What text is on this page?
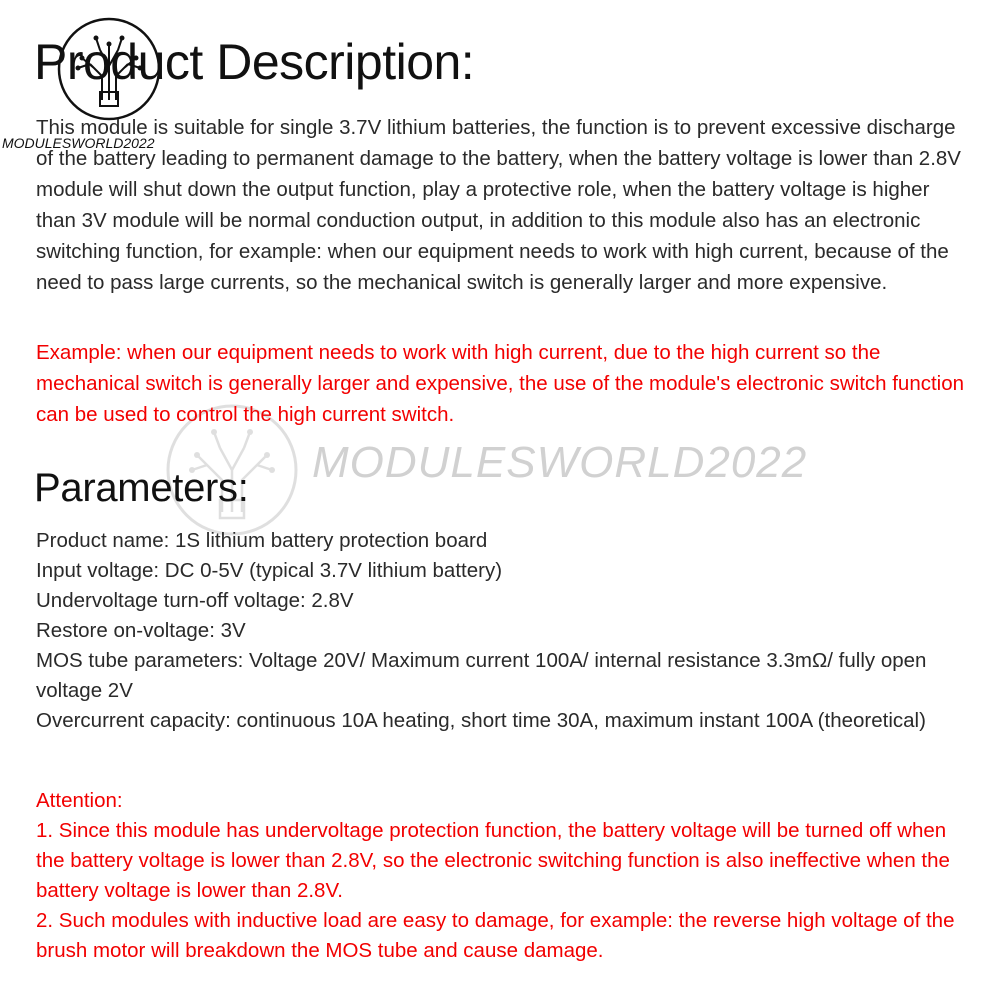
MODULESWORLD2022
Product Description:
MODULESWORLD2022

This module is suitable for single 3.7V lithium batteries, the function is to prevent excessive discharge of the battery leading to permanent damage to the battery, when the battery voltage is lower than 2.8V module will shut down the output function, play a protective role, when the battery voltage is higher than 3V module will be normal conduction output, in addition to this module also has an electronic switching function, for example: when our equipment needs to work with high current, because of the need to pass large currents, so the mechanical switch is generally larger and more expensive.

Example: when our equipment needs to work with high current, due to the high current so the mechanical switch is generally larger and expensive, the use of the module's electronic switch function can be used to control the high current switch.

Parameters:
Product name: 1S lithium battery protection board
Input voltage: DC 0-5V (typical 3.7V lithium battery)
Undervoltage turn-off voltage: 2.8V
Restore on-voltage: 3V
MOS tube parameters: Voltage 20V/ Maximum current 100A/ internal resistance 3.3mΩ/ fully open voltage 2V
Overcurrent capacity: continuous 10A heating, short time 30A, maximum instant 100A (theoretical)
Attention:
1. Since this module has undervoltage protection function, the battery voltage will be turned off when the battery voltage is lower than 2.8V, so the electronic switching function is also ineffective when the battery voltage is lower than 2.8V.
2. Such modules with inductive load are easy to damage, for example: the reverse high voltage of the brush motor will breakdown the MOS tube and cause damage.
